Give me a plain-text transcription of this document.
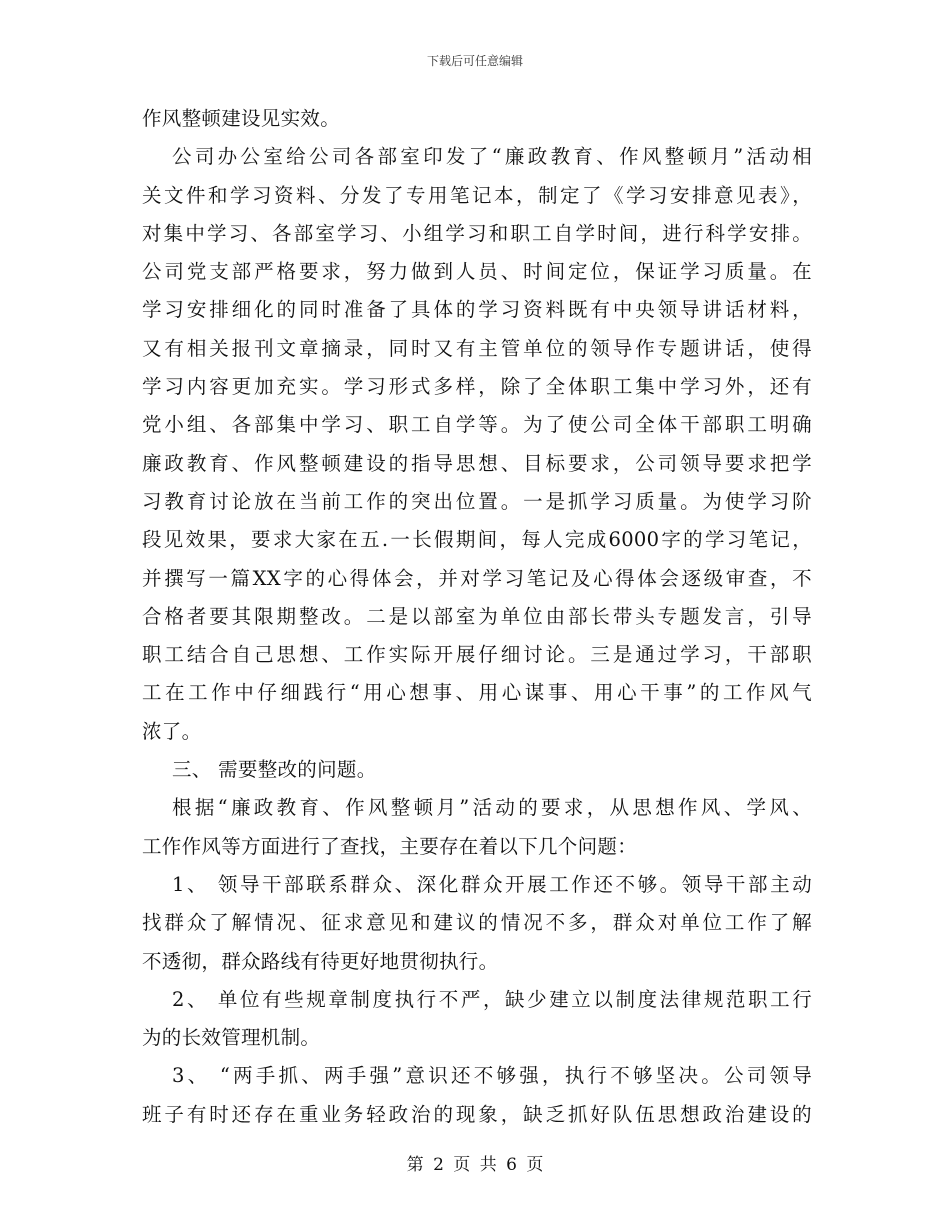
下载后可任意编辑
作风整顿建设见实效。
公司办公室给公司各部室印发了“廉政教育、作风整顿月”活动相
关文件和学习资料、分发了专用笔记本，制定了《学习安排意见表》，
对集中学习、各部室学习、小组学习和职工自学时间，进行科学安排。
公司党支部严格要求，努力做到人员、时间定位，保证学习质量。在
学习安排细化的同时准备了具体的学习资料既有中央领导讲话材料，
又有相关报刊文章摘录，同时又有主管单位的领导作专题讲话，使得
学习内容更加充实。学习形式多样，除了全体职工集中学习外，还有
党小组、各部集中学习、职工自学等。为了使公司全体干部职工明确
廉政教育、作风整顿建设的指导思想、目标要求，公司领导要求把学
习教育讨论放在当前工作的突出位置。一是抓学习质量。为使学习阶
段见效果，要求大家在五.一长假期间，每人完成6000字的学习笔记，
并撰写一篇XX字的心得体会，并对学习笔记及心得体会逐级审查，不
合格者要其限期整改。二是以部室为单位由部长带头专题发言，引导
职工结合自己思想、工作实际开展仔细讨论。三是通过学习，干部职
工在工作中仔细践行“用心想事、用心谋事、用心干事”的工作风气
浓了。
三、 需要整改的问题。
根据“廉政教育、作风整顿月”活动的要求，从思想作风、学风、
工作作风等方面进行了查找，主要存在着以下几个问题：
1、 领导干部联系群众、深化群众开展工作还不够。领导干部主动
找群众了解情况、征求意见和建议的情况不多，群众对单位工作了解
不透彻，群众路线有待更好地贯彻执行。
2、 单位有些规章制度执行不严，缺少建立以制度法律规范职工行
为的长效管理机制。
3、 “两手抓、两手强”意识还不够强，执行不够坚决。公司领导
班子有时还存在重业务轻政治的现象，缺乏抓好队伍思想政治建设的
第 2 页 共 6 页
